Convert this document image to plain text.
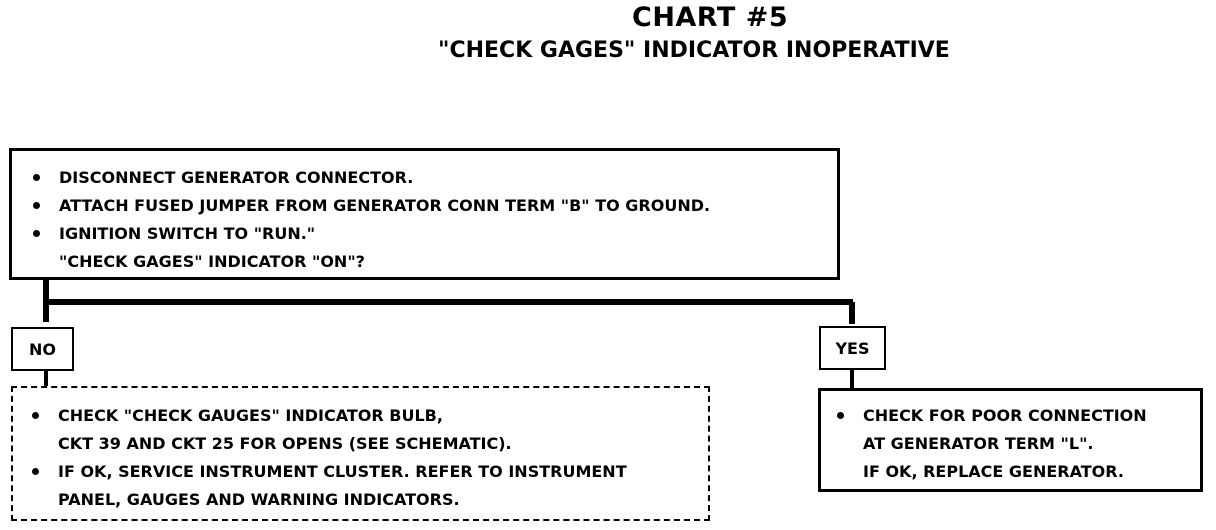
CHART #5
"CHECK GAGES" INDICATOR INOPERATIVE
DISCONNECT GENERATOR CONNECTOR.
ATTACH FUSED JUMPER FROM GENERATOR CONN TERM "B" TO GROUND.
IGNITION SWITCH TO "RUN."
"CHECK GAGES" INDICATOR "ON"?
NO	YES
CHECK "CHECK GAUGES" INDICATOR BULB,
CKT 39 AND CKT 25 FOR OPENS (SEE SCHEMATIC).
IF OK, SERVICE INSTRUMENT CLUSTER. REFER TO INSTRUMENT
PANEL, GAUGES AND WARNING INDICATORS.
CHECK FOR POOR CONNECTION
AT GENERATOR TERM "L".
IF OK, REPLACE GENERATOR.
